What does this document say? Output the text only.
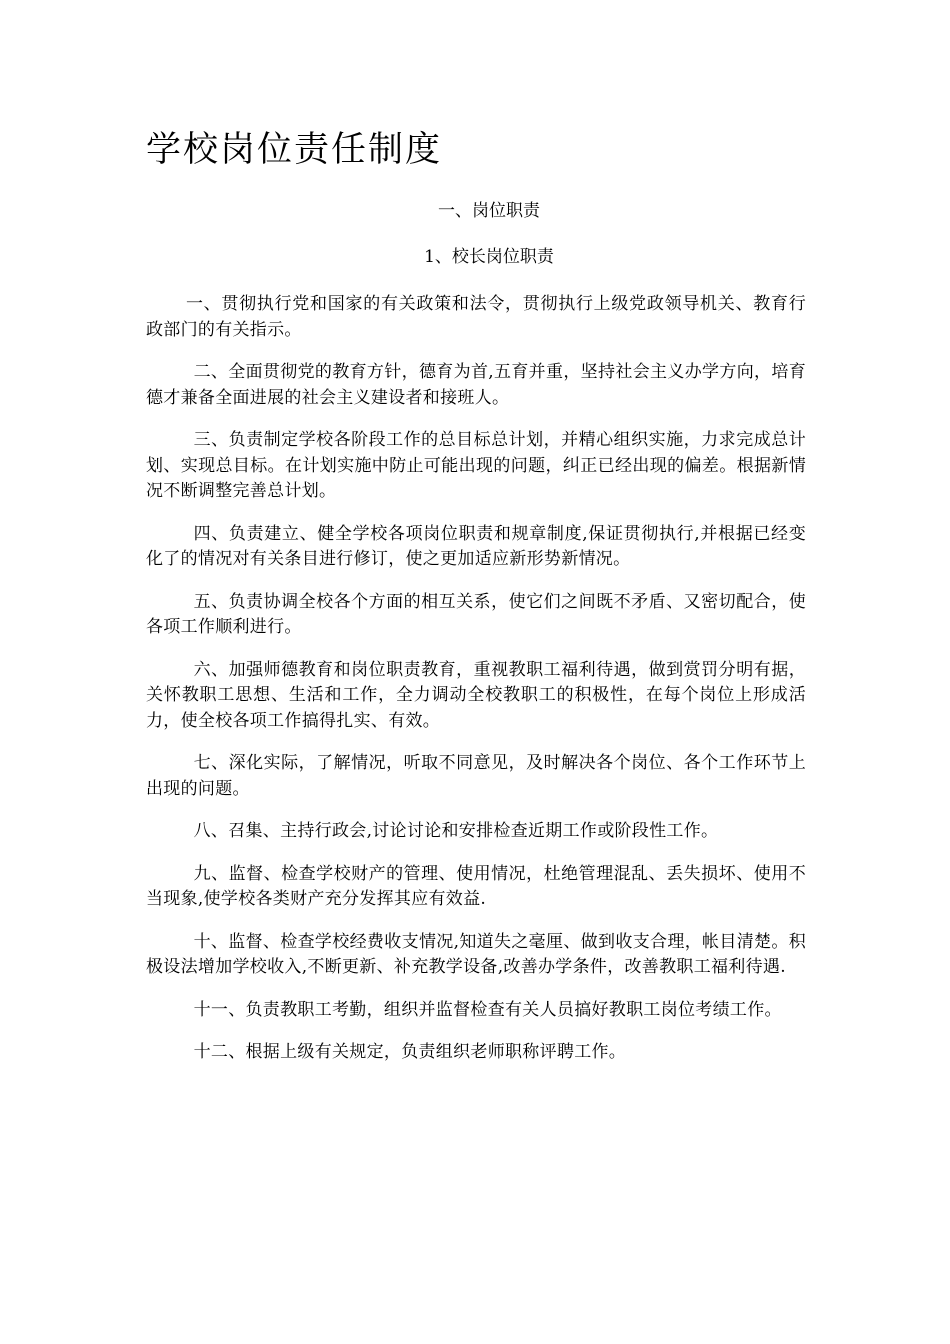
学校岗位责任制度
一、岗位职责
1、校长岗位职责

一、贯彻执行党和国家的有关政策和法令，贯彻执行上级党政领导机关、教育行政部门的有关指示。

二、全面贯彻党的教育方针，德育为首,五育并重，坚持社会主义办学方向，培育德才兼备全面进展的社会主义建设者和接班人。

三、负责制定学校各阶段工作的总目标总计划，并精心组织实施，力求完成总计划、实现总目标。在计划实施中防止可能出现的问题，纠正已经出现的偏差。根据新情况不断调整完善总计划。

四、负责建立、健全学校各项岗位职责和规章制度,保证贯彻执行,并根据已经变化了的情况对有关条目进行修订，使之更加适应新形势新情况。

五、负责协调全校各个方面的相互关系，使它们之间既不矛盾、又密切配合，使各项工作顺利进行。

六、加强师德教育和岗位职责教育，重视教职工福利待遇，做到赏罚分明有据，关怀教职工思想、生活和工作，全力调动全校教职工的积极性，在每个岗位上形成活力，使全校各项工作搞得扎实、有效。

七、深化实际，了解情况，听取不同意见，及时解决各个岗位、各个工作环节上出现的问题。

八、召集、主持行政会,讨论讨论和安排检查近期工作或阶段性工作。

九、监督、检查学校财产的管理、使用情况，杜绝管理混乱、丢失损坏、使用不当现象,使学校各类财产充分发挥其应有效益.

十、监督、检查学校经费收支情况,知道失之毫厘、做到收支合理，帐目清楚。积极设法增加学校收入,不断更新、补充教学设备,改善办学条件，改善教职工福利待遇.

十一、负责教职工考勤，组织并监督检查有关人员搞好教职工岗位考绩工作。

十二、根据上级有关规定，负责组织老师职称评聘工作。
